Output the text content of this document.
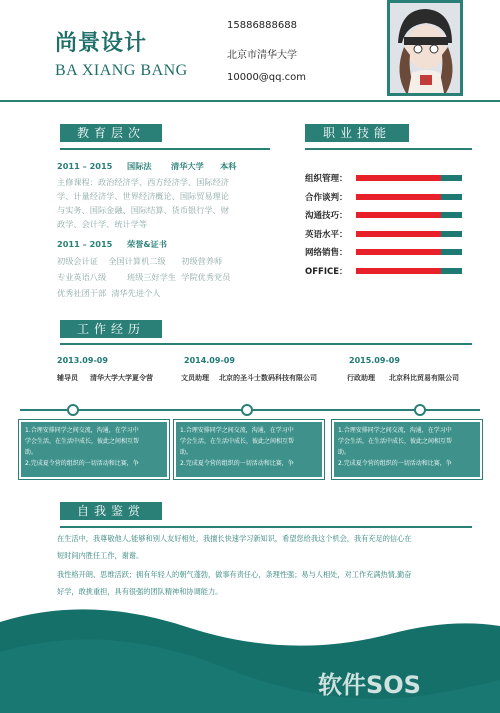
尚景设计
BA XIANG BANG
15886888688
北京市清华大学
10000@qq.com
教育层次
2011 – 2015 国际法 清华大学 本科
主修课程：政治经济学、西方经济学、国际经济
学、计量经济学、世界经济概论、国际贸易理论
与实务、国际金融、国际结算、货币银行学、财
政学、会计学、统计学等
2011 – 2015 荣誉&证书
初级会计证    全国计算机二级      初级营养师
专业英语八级        班级三好学生  学院优秀党员
优秀社团干部  清华先进个人
职业技能
组织管理：
合作谈判：
沟通技巧：
英语水平：
网络销售：
OFFICE：
工作经历
2013.09-09
辅导员 清华大学大学夏令营
2014.09-09
文员助理 北京的圣斗士数码科技有限公司
2015.09-09
行政助理 北京科比贸易有限公司
1.合理安排同学之间交流，沟通，在学习中
学会生活，在生活中成长，彼此之间相互帮
助。
2.完成夏令营的组织的一切活动和比赛，争
1.合理安排同学之间交流，沟通，在学习中
学会生活，在生活中成长，彼此之间相互帮
助。
2.完成夏令营的组织的一切活动和比赛，争
1.合理安排同学之间交流，沟通，在学习中
学会生活，在生活中成长，彼此之间相互帮
助。
2.完成夏令营的组织的一切活动和比赛，争
自我鉴赏
在生活中，我尊敬他人,能够和别人友好相处，我擅长快速学习新知识，希望您给我这个机会，我有充足的信心在
短时间内胜任工作，谢谢。
我性格开朗、思维活跃；拥有年轻人的朝气蓬勃，做事有责任心，条理性强；易与人相处，对工作充满热情,勤奋
好学，敢挑重担，具有很强的团队精神和协调能力。
软件SOS
